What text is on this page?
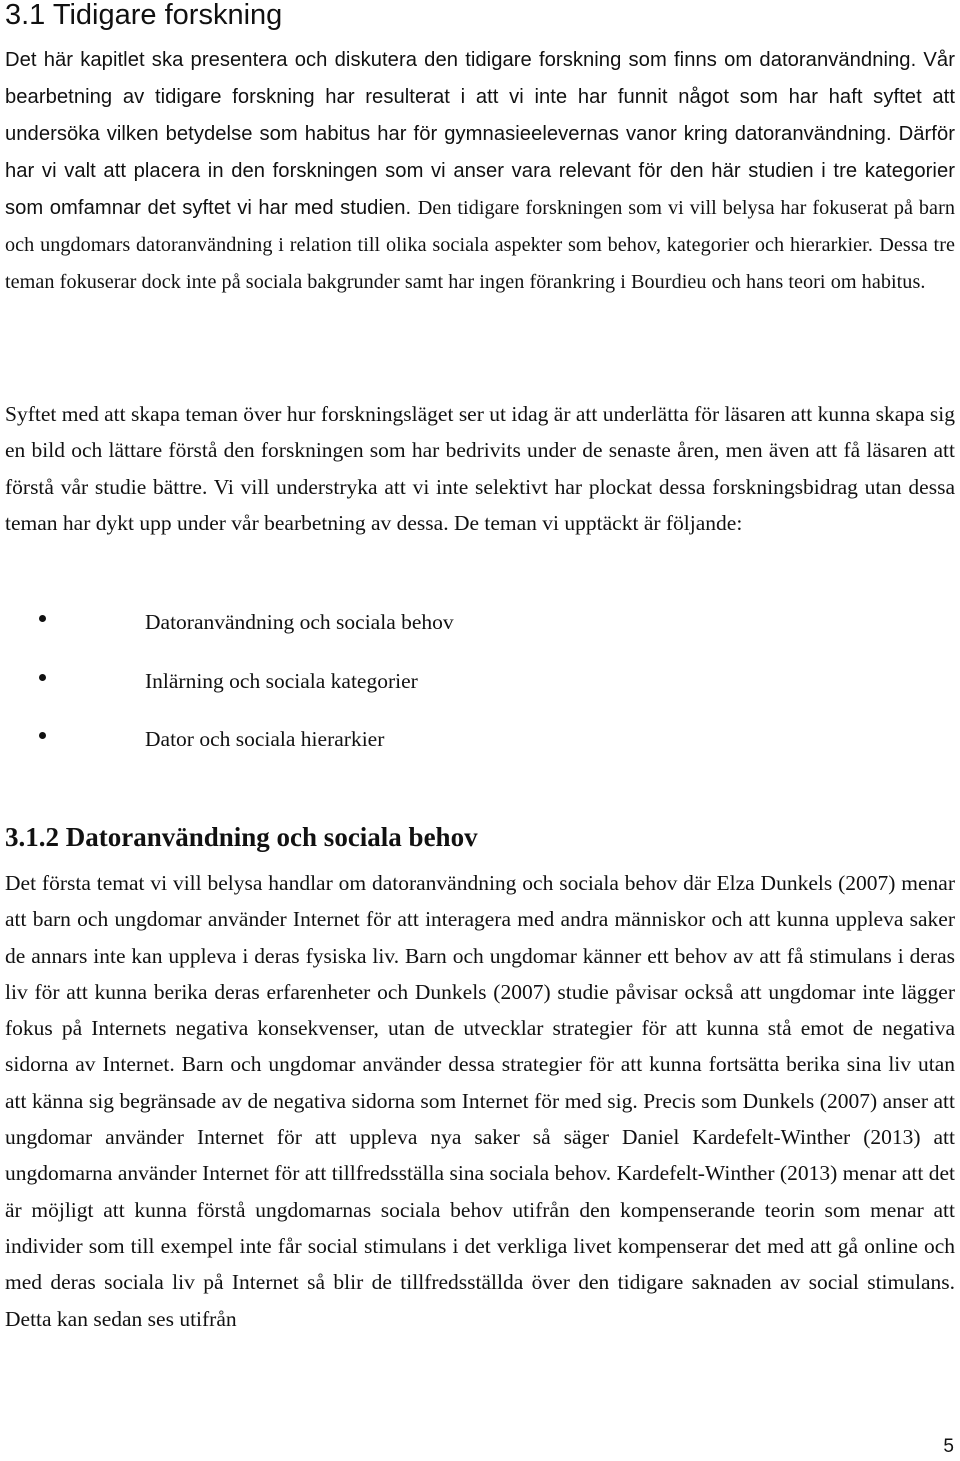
3.1 Tidigare forskning

Det här kapitlet ska presentera och diskutera den tidigare forskning som finns om datoranvändning. Vår bearbetning av tidigare forskning har resulterat i att vi inte har funnit något som har haft syftet att undersöka vilken betydelse som habitus har för gymnasieelevernas vanor kring datoranvändning. Därför har vi valt att placera in den forskningen som vi anser vara relevant för den här studien i tre kategorier som omfamnar det syftet vi har med studien. Den tidigare forskningen som vi vill belysa har fokuserat på barn och ungdomars datoranvändning i relation till olika sociala aspekter som behov, kategorier och hierarkier. Dessa tre teman fokuserar dock inte på sociala bakgrunder samt har ingen förankring i Bourdieu och hans teori om habitus.

Syftet med att skapa teman över hur forskningsläget ser ut idag är att underlätta för läsaren att kunna skapa sig en bild och lättare förstå den forskningen som har bedrivits under de senaste åren, men även att få läsaren att förstå vår studie bättre. Vi vill understryka att vi inte selektivt har plockat dessa forskningsbidrag utan dessa teman har dykt upp under vår bearbetning av dessa. De teman vi upptäckt är följande:

Datoranvändning och sociala behov
Inlärning och sociala kategorier
Dator och sociala hierarkier
3.1.2 Datoranvändning och sociala behov

Det första temat vi vill belysa handlar om datoranvändning och sociala behov där Elza Dunkels (2007) menar att barn och ungdomar använder Internet för att interagera med andra människor och att kunna uppleva saker de annars inte kan uppleva i deras fysiska liv. Barn och ungdomar känner ett behov av att få stimulans i deras liv för att kunna berika deras erfarenheter och Dunkels (2007) studie påvisar också att ungdomar inte lägger fokus på Internets negativa konsekvenser, utan de utvecklar strategier för att kunna stå emot de negativa sidorna av Internet. Barn och ungdomar använder dessa strategier för att kunna fortsätta berika sina liv utan att känna sig begränsade av de negativa sidorna som Internet för med sig. Precis som Dunkels (2007) anser att ungdomar använder Internet för att uppleva nya saker så säger Daniel Kardefelt-Winther (2013) att ungdomarna använder Internet för att tillfredsställa sina sociala behov. Kardefelt-Winther (2013) menar att det är möjligt att kunna förstå ungdomarnas sociala behov utifrån den kompenserande teorin som menar att individer som till exempel inte får social stimulans i det verkliga livet kompenserar det med att gå online och med deras sociala liv på Internet så blir de tillfredsställda över den tidigare saknaden av social stimulans. Detta kan sedan ses utifrån

5
